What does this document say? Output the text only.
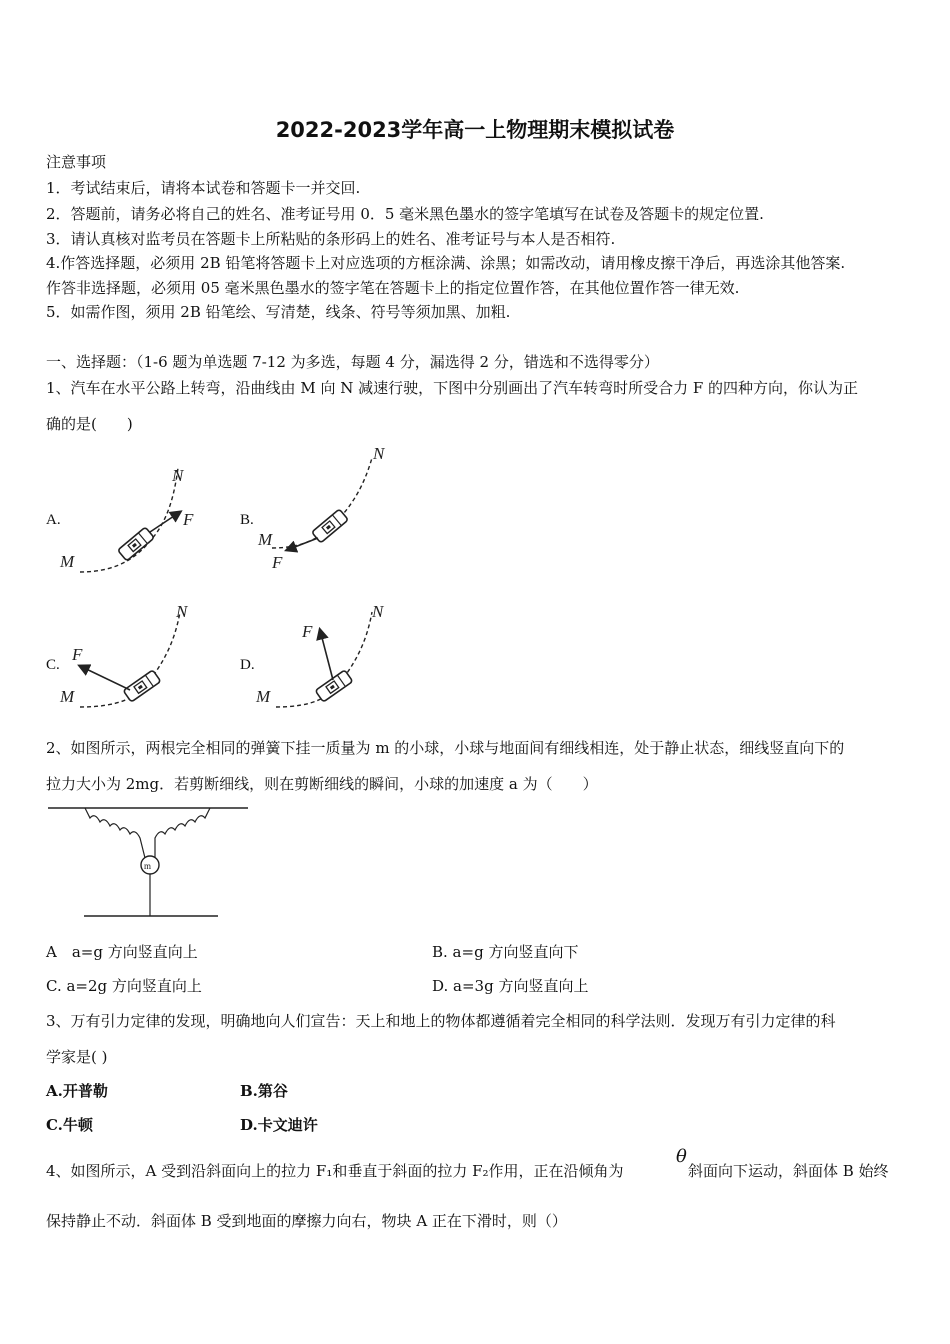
2022-2023学年高一上物理期末模拟试卷
注意事项
1．考试结束后，请将本试卷和答题卡一并交回.
2．答题前，请务必将自己的姓名、准考证号用 0．5 毫米黑色墨水的签字笔填写在试卷及答题卡的规定位置.
3．请认真核对监考员在答题卡上所粘贴的条形码上的姓名、准考证号与本人是否相符.
4.作答选择题，必须用 2B 铅笔将答题卡上对应选项的方框涂满、涂黑；如需改动，请用橡皮擦干净后，再选涂其他答案.
作答非选择题，必须用 05 毫米黑色墨水的签字笔在答题卡上的指定位置作答，在其他位置作答一律无效.
5．如需作图，须用 2B 铅笔绘、写清楚，线条、符号等须加黑、加粗.
一、选择题：（1-6 题为单选题 7-12 为多选，每题 4 分，漏选得 2 分，错选和不选得零分）
1、汽车在水平公路上转弯，沿曲线由 M 向 N 减速行驶，下图中分别画出了汽车转弯时所受合力 F 的四种方向，你认为正
确的是(　　)
A.	B.
C.	D.
M
N
F
M
N
F
M
N
F
M
N
F
2、如图所示，两根完全相同的弹簧下挂一质量为 m 的小球，小球与地面间有细线相连，处于静止状态，细线竖直向下的
拉力大小为 2mg．若剪断细线，则在剪断细线的瞬间，小球的加速度 a 为（　　）
m
A　a=g 方向竖直向上	B. a=g 方向竖直向下
C. a=2g 方向竖直向上	D. a=3g 方向竖直向上
3、万有引力定律的发现，明确地向人们宣告：天上和地上的物体都遵循着完全相同的科学法则．发现万有引力定律的科
学家是( )
A.开普勒	B.第谷
C.牛顿	D.卡文迪许
4、如图所示，A 受到沿斜面向上的拉力 F₁和垂直于斜面的拉力 F₂作用，正在沿倾角为
θ
斜面向下运动，斜面体 B 始终
保持静止不动．斜面体 B 受到地面的摩擦力向右，物块 A 正在下滑时，则（）
